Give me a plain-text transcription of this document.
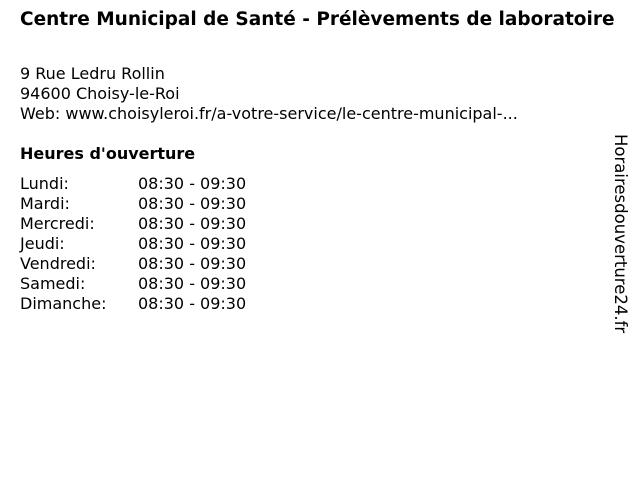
Centre Municipal de Santé - Prélèvements de laboratoire
9 Rue Ledru Rollin
94600 Choisy-le-Roi
Web: www.choisyleroi.fr/a-votre-service/le-centre-municipal-...
Heures d'ouverture
Lundi:	08:30 - 09:30
Mardi:	08:30 - 09:30
Mercredi:	08:30 - 09:30
Jeudi:	08:30 - 09:30
Vendredi:	08:30 - 09:30
Samedi:	08:30 - 09:30
Dimanche: 08:30 - 09:30	Horairesdouverture24.fr
